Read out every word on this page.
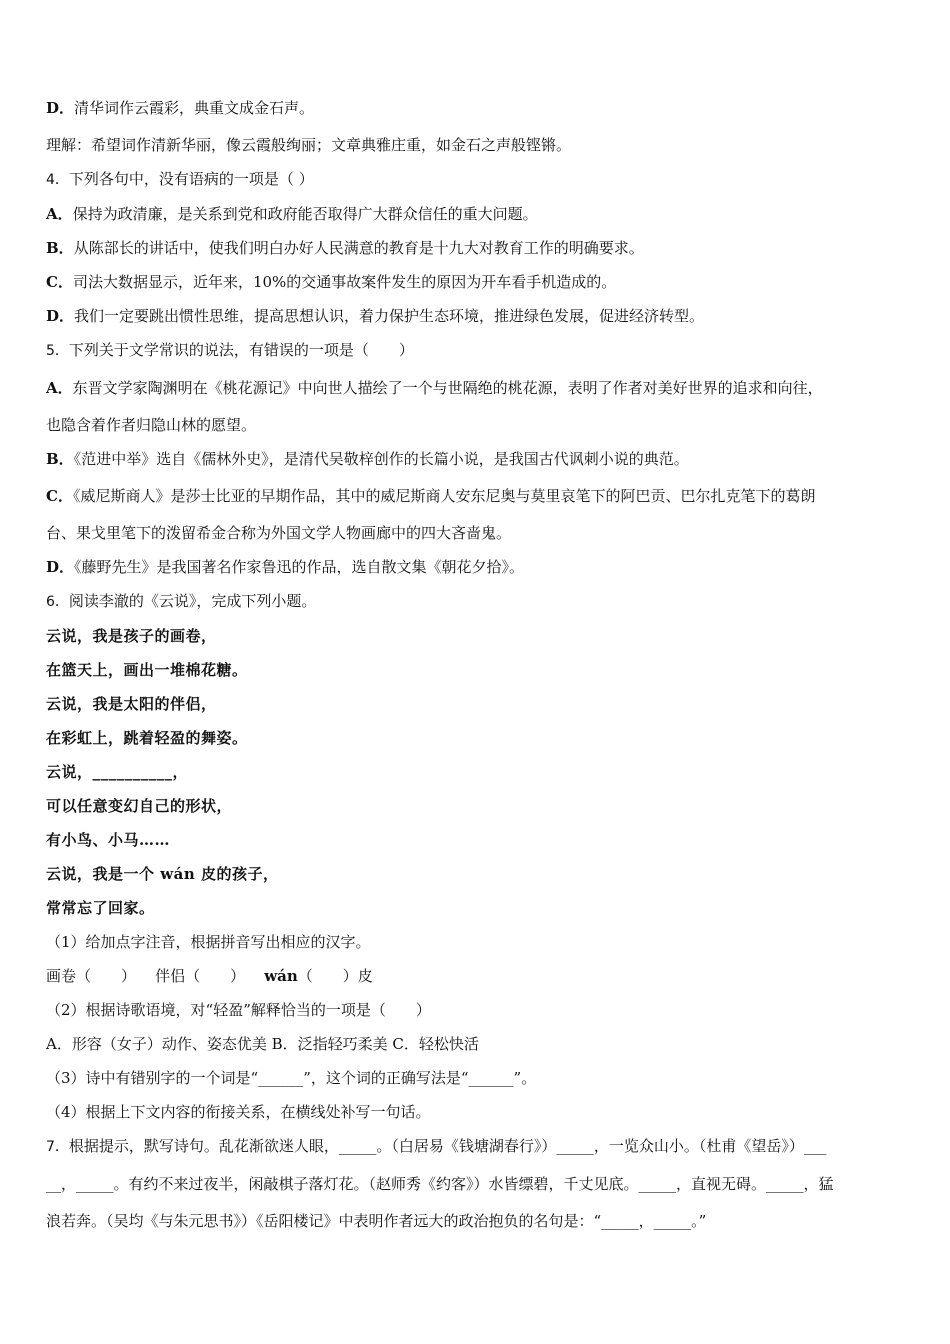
D．清华词作云霞彩，典重文成金石声。

理解：希望词作清新华丽，像云霞般绚丽；文章典雅庄重，如金石之声般铿锵。

4．下列各句中，没有语病的一项是（ ）

A．保持为政清廉，是关系到党和政府能否取得广大群众信任的重大问题。

B．从陈部长的讲话中，使我们明白办好人民满意的教育是十九大对教育工作的明确要求。

C．司法大数据显示，近年来，10%的交通事故案件发生的原因为开车看手机造成的。

D．我们一定要跳出惯性思维，提高思想认识，着力保护生态环境，推进绿色发展，促进经济转型。

5．下列关于文学常识的说法，有错误的一项是（　　）

A．东晋文学家陶渊明在《桃花源记》中向世人描绘了一个与世隔绝的桃花源，表明了作者对美好世界的追求和向往，

也隐含着作者归隐山林的愿望。

B．《范进中举》选自《儒林外史》，是清代吴敬梓创作的长篇小说，是我国古代讽刺小说的典范。

C．《威尼斯商人》是莎士比亚的早期作品，其中的威尼斯商人安东尼奥与莫里哀笔下的阿巴贡、巴尔扎克笔下的葛朗

台、果戈里笔下的泼留希金合称为外国文学人物画廊中的四大吝啬鬼。

D．《藤野先生》是我国著名作家鲁迅的作品，选自散文集《朝花夕拾》。

6．阅读李澈的《云说》，完成下列小题。

云说，我是孩子的画卷，

在篮天上，画出一堆棉花糖。

云说，我是太阳的伴侣，

在彩虹上，跳着轻盈的舞姿。

云说，__________，

可以任意变幻自己的形状，

有小鸟、小马……

云说，我是一个 wán 皮的孩子，

常常忘了回家。

（1）给加点字注音，根据拼音写出相应的汉字。

画卷（　　） 伴侣（　　） wán（　　）皮

（2）根据诗歌语境，对“轻盈”解释恰当的一项是（　　）

A．形容（女子）动作、姿态优美 B．泛指轻巧柔美 C．轻松快活

（3）诗中有错别字的一个词是“______”，这个词的正确写法是“______”。

（4）根据上下文内容的衔接关系，在横线处补写一句话。

7．根据提示，默写诗句。乱花渐欲迷人眼，_____。（白居易《钱塘湖春行》）_____，一览众山小。（杜甫《望岳》）___

__，_____。有约不来过夜半，闲敲棋子落灯花。（赵师秀《约客》）水皆缥碧，千丈见底。_____，直视无碍。_____，猛

浪若奔。（吴均《与朱元思书》）《岳阳楼记》中表明作者远大的政治抱负的名句是：“_____，_____。”
